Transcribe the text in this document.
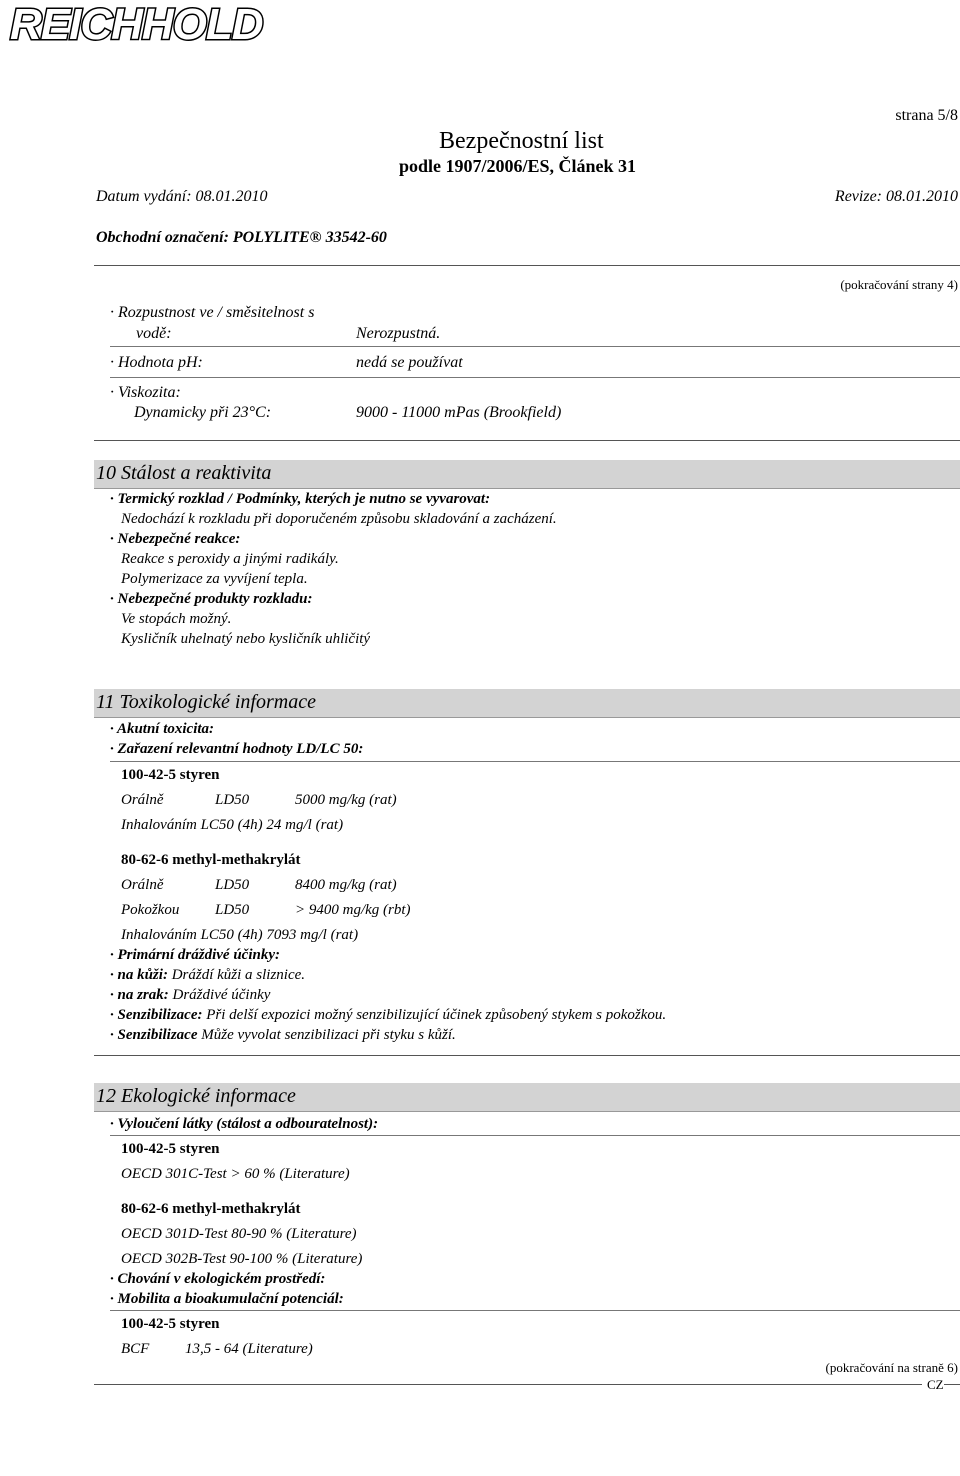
REICHHOLD
strana 5/8
Bezpečnostní list
podle 1907/2006/ES, Článek 31
Datum vydání: 08.01.2010	Revize: 08.01.2010
Obchodní označení: POLYLITE® 33542-60
(pokračování strany 4)
· Rozpustnost ve / směsitelnost s
vodě:	Nerozpustná.
· Hodnota pH:	nedá se používat
· Viskozita:
Dynamicky při 23°C:	9000 - 11000 mPas (Brookfield)
10 Stálost a reaktivita
· Termický rozklad / Podmínky, kterých je nutno se vyvarovat:
Nedochází k rozkladu při doporučeném způsobu skladování a zacházení.
· Nebezpečné reakce:
Reakce s peroxidy a jinými radikály.
Polymerizace za vyvíjení tepla.
· Nebezpečné produkty rozkladu:
Ve stopách možný.
Kysličník uhelnatý nebo kysličník uhličitý
11 Toxikologické informace
· Akutní toxicita:
· Zařazení relevantní hodnoty LD/LC 50:
100-42-5 styren
Orálně	LD50	5000 mg/kg (rat)
Inhalováním LC50 (4h) 24 mg/l (rat)
80-62-6 methyl-methakrylát
Orálně	LD50	8400 mg/kg (rat)
Pokožkou LD50	> 9400 mg/kg (rbt)
Inhalováním LC50 (4h) 7093 mg/l (rat)
· Primární dráždivé účinky:
· na kůži: Dráždí kůži a sliznice.
· na zrak: Dráždivé účinky
· Senzibilizace: Při delší expozici možný senzibilizující účinek způsobený stykem s pokožkou.
· Senzibilizace Může vyvolat senzibilizaci při styku s kůží.
12 Ekologické informace
· Vyloučení látky (stálost a odbouratelnost):
100-42-5 styren
OECD 301C-Test > 60 % (Literature)
80-62-6 methyl-methakrylát
OECD 301D-Test 80-90 % (Literature)
OECD 302B-Test 90-100 % (Literature)
· Chování v ekologickém prostředí:
· Mobilita a bioakumulační potenciál:
100-42-5 styren
BCF 13,5 - 64 (Literature)
(pokračování na straně 6)
CZ
